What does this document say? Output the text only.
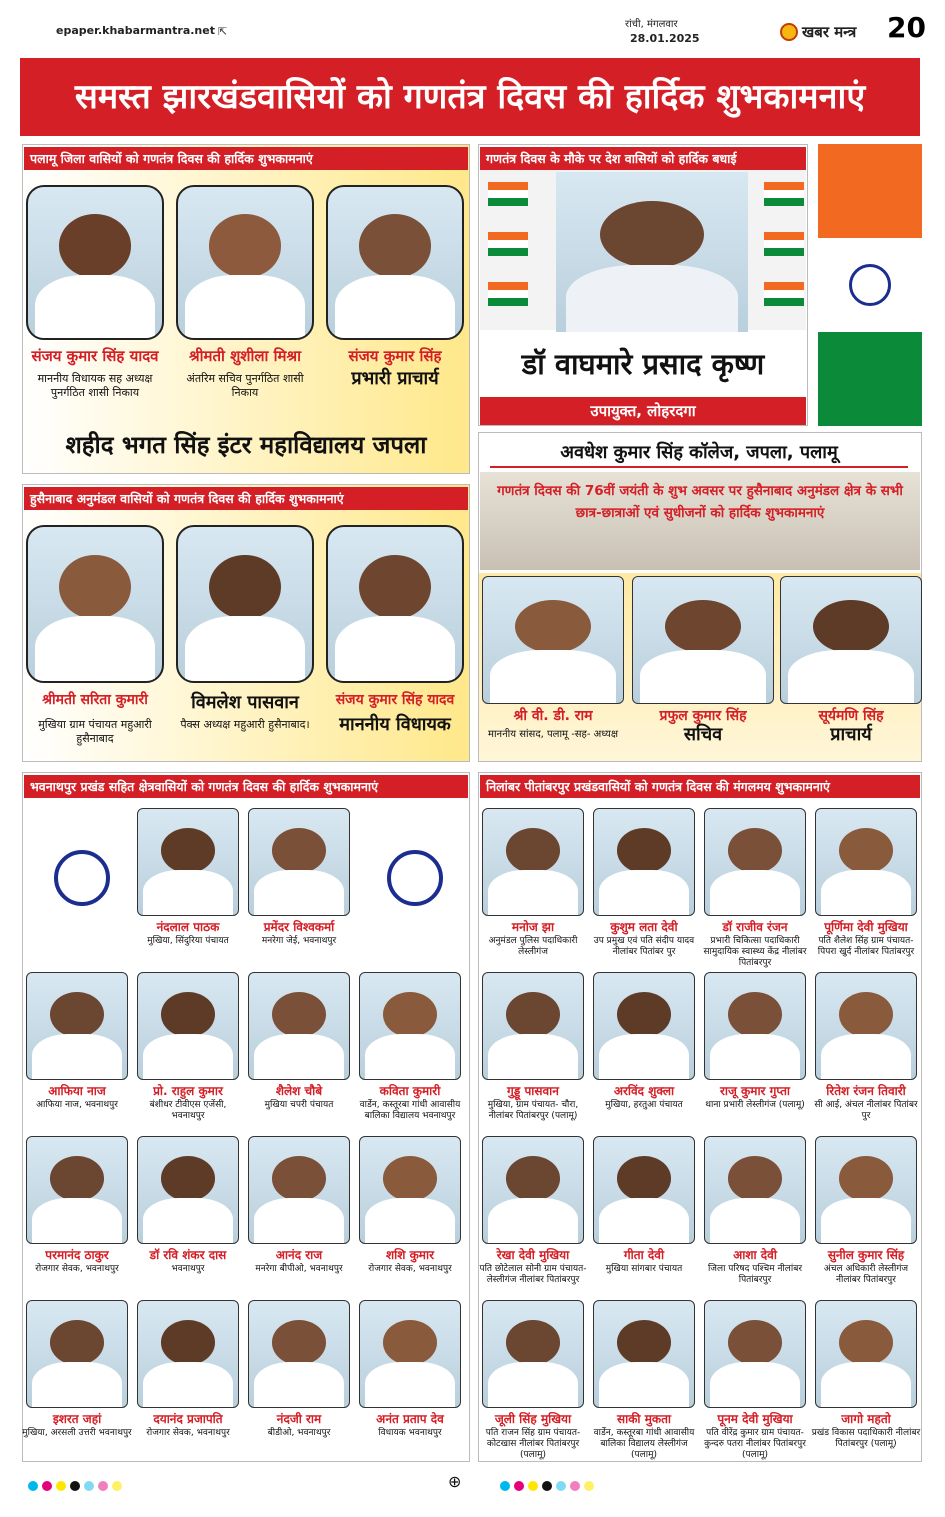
epaper.khabarmantra.net ⇱
रांची, मंगलवार
28.01.2025	खबर मन्त्र 20
समस्त झारखंडवासियों को गणतंत्र दिवस की हार्दिक शुभकामनाएं
पलामू जिला वासियों को गणतंत्र दिवस की हार्दिक शुभकामनाएं
संजय कुमार सिंह यादव
माननीय विधायक सह अध्यक्ष पुनर्गठित शासी निकाय
श्रीमती शुशीला मिश्रा
अंतरिम सचिव पुनर्गठित शासी निकाय
संजय कुमार सिंह
प्रभारी प्राचार्य
शहीद भगत सिंह इंटर महाविद्यालय जपला
गणतंत्र दिवस के मौके पर देश वासियों को हार्दिक बधाई
डॉ वाघमारे प्रसाद कृष्ण
उपायुक्त, लोहरदगा
अवधेश कुमार सिंह कॉलेज, जपला, पलामू
गणतंत्र दिवस की 76वीं जयंती के शुभ अवसर पर हुसैनाबाद अनुमंडल क्षेत्र के सभी छात्र-छात्राओं एवं सुधीजनों को हार्दिक शुभकामनाएं
श्री वी. डी. राम
माननीय सांसद, पलामू -सह- अध्यक्ष
प्रफुल कुमार सिंह
सचिव
सूर्यमणि सिंह
प्राचार्य
हुसैनाबाद अनुमंडल वासियों को गणतंत्र दिवस की हार्दिक शुभकामनाएं
श्रीमती सरिता कुमारी
मुखिया ग्राम पंचायत महुआरी हुसैनाबाद
विमलेश पासवान
पैक्स अध्यक्ष महुआरी हुसैनाबाद।
संजय कुमार सिंह यादव
माननीय विधायक
भवनाथपुर प्रखंड सहित क्षेत्रवासियों को गणतंत्र दिवस की हार्दिक शुभकामनाएं
नंदलाल पाठक
मुखिया, सिंदुरिया पंचायत
प्रमेंदर विश्वकर्मा
मनरेगा जेई, भवनाथपुर
आफिया नाज
आफिया नाज, भवनाथपुर
प्रो. राहुल कुमार
बंशीधर टीवीएस एजेंसी, भवनाथपुर
शैलेश चौबे
मुखिया चपरी पंचायत
कविता कुमारी
वार्डेन, कस्तूरबा गांधी आवासीय बालिका विद्यालय भवनाथपुर
परमानंद ठाकुर
रोजगार सेवक, भवनाथपुर
डॉ रवि शंकर दास
भवनाथपुर
आनंद राज
मनरेगा बीपीओ, भवनाथपुर
शशि कुमार
रोजगार सेवक, भवनाथपुर
इशरत जहां
मुखिया, अरसली उत्तरी भवनाथपुर
दयानंद प्रजापति
रोजगार सेवक, भवनाथपुर
नंदजी राम
बीडीओ, भवनाथपुर
अनंत प्रताप देव
विधायक भवनाथपुर
निलांबर पीतांबरपुर प्रखंडवासियों को गणतंत्र दिवस की मंगलमय शुभकामनाएं
मनोज झा
अनुमंडल पुलिस पदाधिकारी लेस्लीगंज
कुशुम लता देवी
उप प्रमुख एवं पति संदीप यादव नीलांबर पितांबर पुर
डॉ राजीव रंजन
प्रभारी चिकित्सा पदाधिकारी सामुदायिक स्वास्थ्य केंद्र नीलांबर पितांबरपुर
पूर्णिमा देवी मुखिया
पति शैलेश सिंह ग्राम पंचायत- पिपरा खुर्द नीलांबर पितांबरपुर
गुड्डू पासवान
मुखिया, ग्राम पंचायत- चौरा, नीलांबर पितांबरपुर (पलामू)
अरविंद शुक्ला
मुखिया, हरतुआ पंचायत
राजू कुमार गुप्ता
थाना प्रभारी लेस्लीगंज (पलामू)
रितेश रंजन तिवारी
सी आई, अंचल नीलांबर पितांबर पुर
रेखा देवी मुखिया
पति छोटेलाल सोनी ग्राम पंचायत- लेस्लीगंज नीलांबर पितांबरपुर
गीता देवी
मुखिया सांगबार पंचायत
आशा देवी
जिला परिषद पश्चिम नीलांबर पितांबरपुर
सुनील कुमार सिंह
अंचल अधिकारी लेस्लीगंज नीलांबर पितांबरपुर
जूली सिंह मुखिया
पति राजन सिंह ग्राम पंचायत- कोटखास नीलांबर पितांबरपुर (पलामू)
साकी मुकता
वार्डेन, कस्तूरबा गांधी आवासीय बालिका विद्यालय लेस्लीगंज (पलामू)
पूनम देवी मुखिया
पति वीरेंद्र कुमार ग्राम पंचायत- कुन्दरु पतरा नीलांबर पितांबरपुर (पलामू)
जागो महतो
प्रखंड विकास पदाधिकारी नीलांबर पितांबरपुर (पलामू)
⊕
